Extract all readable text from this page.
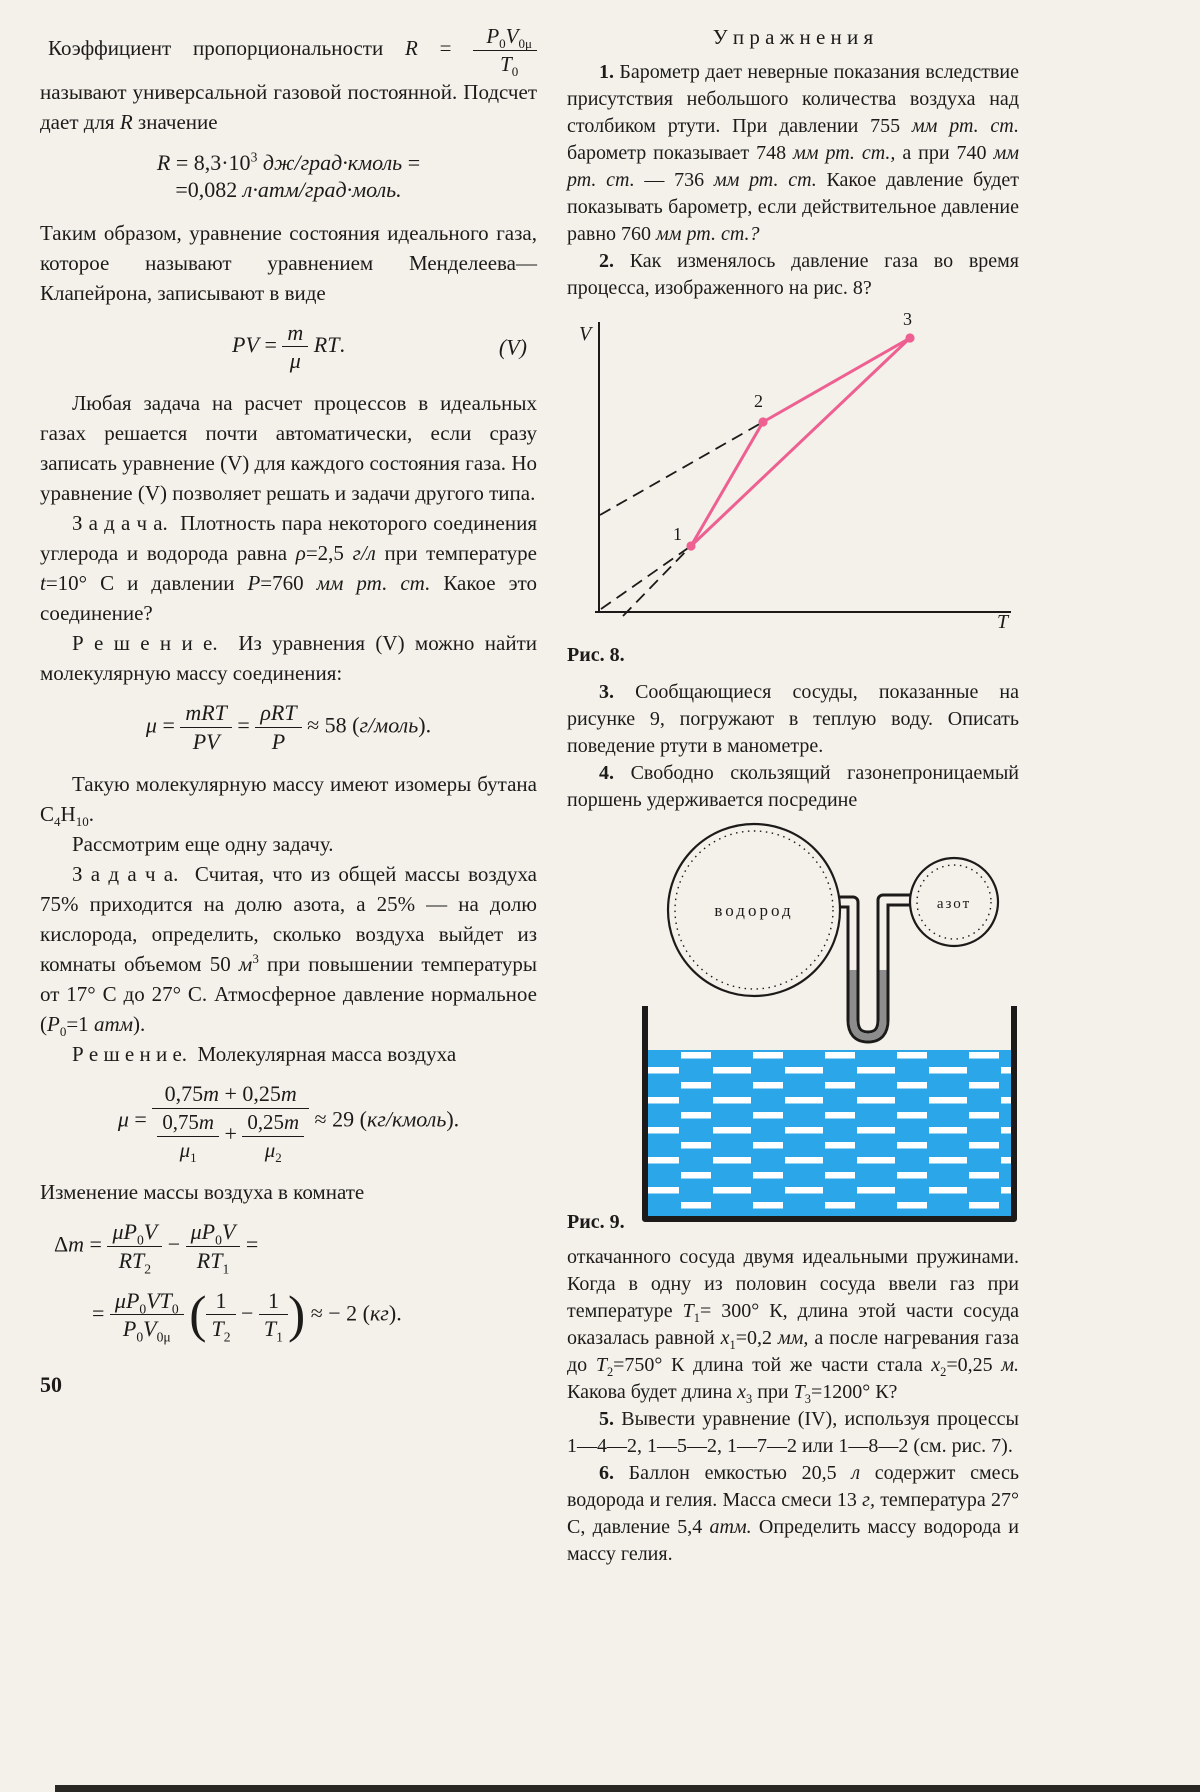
Коэффициент пропорциональности $R = \frac{P_0V_{0\mu}}{T_0}$
называют универсальной газовой постоянной. Подсчет дает для R значение

$R = 8,3\cdot 10^3$ дж/град·кмоль =
=0,082 л·атм/град·моль.

Таким образом, уравнение состояния идеального газа, которое называют уравнением Менделеева—Клапейрона, записывают в виде

PV = $\frac{m}{\mu}$ RT.	(V)

Любая задача на расчет процессов в идеальных газах решается почти автоматически, если сразу записать уравнение (V) для каждого состояния газа. Но уравнение (V) позволяет решать и задачи другого типа.

З а д а ч а.  Плотность пара некоторого соединения углерода и водорода равна ρ=2,5 г/л при температуре t=10° C и давлении P=760 мм рт. ст. Какое это соединение?

Р е ш е н и е.  Из уравнения (V) можно найти молекулярную массу соединения:

$\mu = \frac{\text{mRT}}{PV} = \frac{\text{ρRT}}{P} \approx 58$ (г/моль).

Такую молекулярную массу имеют изомеры бутана $C_4H_{10}$.

Рассмотрим еще одну задачу.

З а д а ч а.  Считая, что из общей массы воздуха 75% приходится на долю азота, а 25% — на долю кислорода, определить, сколько воздуха выйдет из комнаты объемом 50 $м^3$ при повышении температуры от 17° C до 27° C. Атмосферное давление нормальное ($P_0=1$ атм).

Р е ш е н и е.  Молекулярная масса воздуха

$\mu = \frac{0,75m + 0,25m}{\frac{0,75m}{\mu_1} + \frac{0,25m}{\mu_2}} \approx 29$ (кг/кмоль).

Изменение массы воздуха в комнате

$\Delta m = \frac{\mu P_0V}{RT_2} - \frac{\mu P_0V}{RT_1}$ =
= $\frac{\mu P_0VT_0}{P_0V_{0\mu}}$ ( $\frac{1}{T_2} - \frac{1}{T_1}$ ) ≈ − 2 (кг).
50
У п р а ж н е н и я

1. Барометр дает неверные показания вследствие присутствия небольшого количества воздуха над столбиком ртути. При давлении 755 мм рт. ст. барометр показывает 748 мм рт. ст., а при 740 мм рт. ст. — 736 мм рт. ст. Какое давление будет показывать барометр, если действительное давление равно 760 мм рт. ст.?

2. Как изменялось давление газа во время процесса, изображенного на рис. 8?

V
T
1
2
3
Рис. 8.

3. Сообщающиеся сосуды, показанные на рисунке 9, погружают в теплую воду. Описать поведение ртути в манометре.

4. Свободно скользящий газонепроницаемый поршень удерживается посредине

водород	азот
Рис. 9.

откачанного сосуда двумя идеальными пружинами. Когда в одну из половин сосуда ввели газ при температуре $T_1= 300^\circ$ К, длина этой части сосуда оказалась равной $x_1=0,2$ мм, а после нагревания газа до $T_2=750^\circ$ К длина той же части стала $x_2=0,25$ м. Какова будет длина $x_3$ при $T_3=1200^\circ$ К?

5. Вывести уравнение (IV), используя процессы 1—4—2, 1—5—2, 1—7—2 или 1—8—2 (см. рис. 7).

6. Баллон емкостью 20,5 л содержит смесь водорода и гелия. Масса смеси 13 г, температура 27° C, давление 5,4 атм. Определить массу водорода и массу гелия.
